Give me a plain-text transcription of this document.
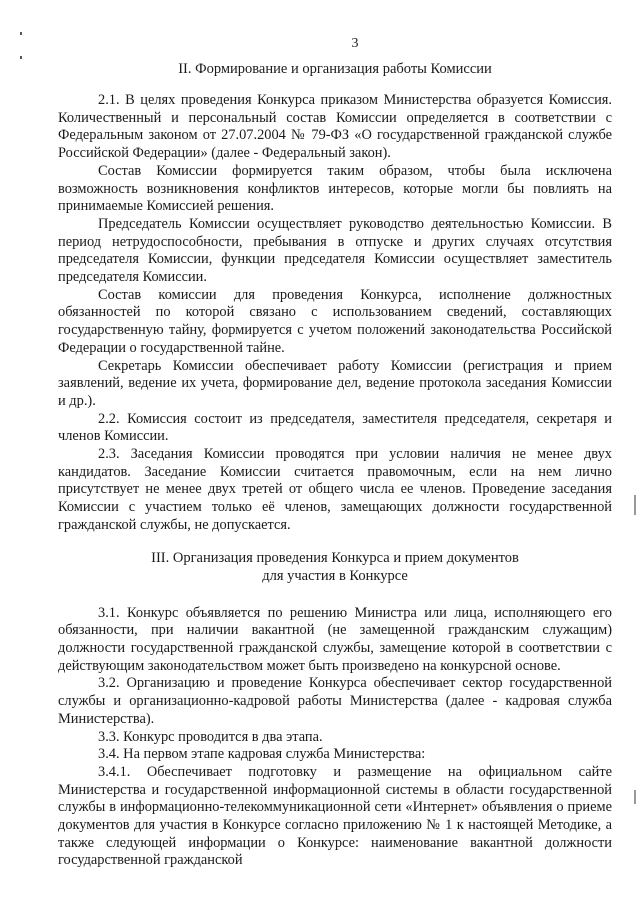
3
II. Формирование и организация работы Комиссии

2.1. В целях проведения Конкурса приказом Министерства образуется Комиссия. Количественный и персональный состав Комиссии определяется в соответствии с Федеральным законом от 27.07.2004 № 79-ФЗ «О государственной гражданской службе Российской Федерации» (далее - Федеральный закон).

Состав Комиссии формируется таким образом, чтобы была исключена возможность возникновения конфликтов интересов, которые могли бы повлиять на принимаемые Комиссией решения.

Председатель Комиссии осуществляет руководство деятельностью Комиссии. В период нетрудоспособности, пребывания в отпуске и других случаях отсутствия председателя Комиссии, функции председателя Комиссии осуществляет заместитель председателя Комиссии.

Состав комиссии для проведения Конкурса, исполнение должностных обязанностей по которой связано с использованием сведений, составляющих государственную тайну, формируется с учетом положений законодательства Российской Федерации о государственной тайне.

Секретарь Комиссии обеспечивает работу Комиссии (регистрация и прием заявлений, ведение их учета, формирование дел, ведение протокола заседания Комиссии и др.).

2.2. Комиссия состоит из председателя, заместителя председателя, секретаря и членов Комиссии.

2.3. Заседания Комиссии проводятся при условии наличия не менее двух кандидатов. Заседание Комиссии считается правомочным, если на нем лично присутствует не менее двух третей от общего числа ее членов. Проведение заседания Комиссии с участием только её членов, замещающих должности государственной гражданской службы, не допускается.

III. Организация проведения Конкурса и прием документов
для участия в Конкурсе

3.1. Конкурс объявляется по решению Министра или лица, исполняющего его обязанности, при наличии вакантной (не замещенной гражданским служащим) должности государственной гражданской службы, замещение которой в соответствии с действующим законодательством может быть произведено на конкурсной основе.

3.2. Организацию и проведение Конкурса обеспечивает сектор государственной службы и организационно-кадровой работы Министерства (далее - кадровая служба Министерства).

3.3. Конкурс проводится в два этапа.

3.4. На первом этапе кадровая служба Министерства:

3.4.1. Обеспечивает подготовку и размещение на официальном сайте Министерства и государственной информационной системы в области государственной службы в информационно-телекоммуникационной сети «Интернет» объявления о приеме документов для участия в Конкурсе согласно приложению № 1 к настоящей Методике, а также следующей информации о Конкурсе: наименование вакантной должности государственной гражданской
